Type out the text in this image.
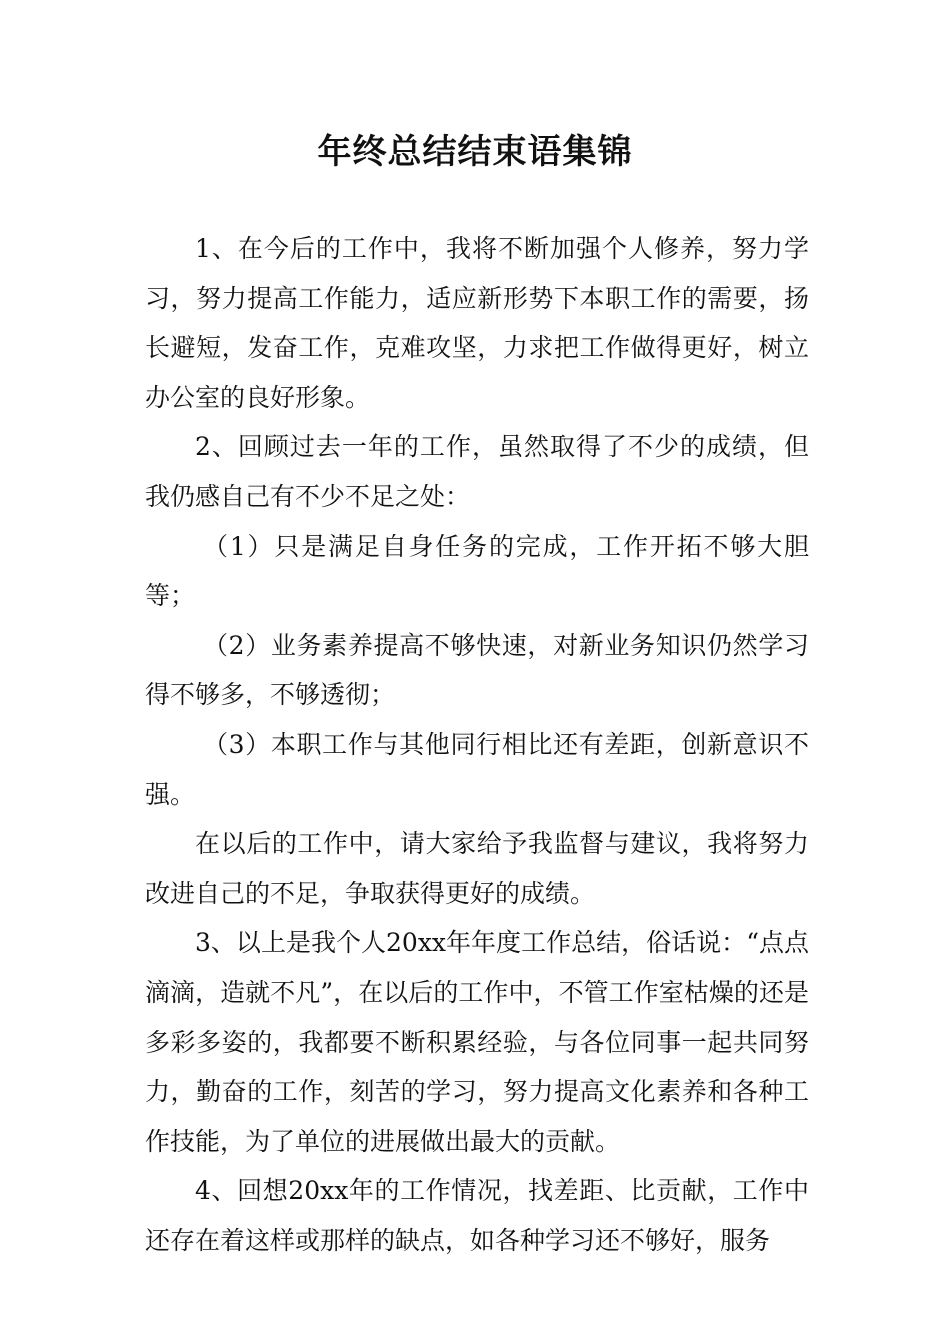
年终总结结束语集锦

1、在今后的工作中，我将不断加强个人修养，努力学习，努力提高工作能力，适应新形势下本职工作的需要，扬长避短，发奋工作，克难攻坚，力求把工作做得更好，树立办公室的良好形象。

2、回顾过去一年的工作，虽然取得了不少的成绩，但我仍感自己有不少不足之处：

（1）只是满足自身任务的完成，工作开拓不够大胆等；

（2）业务素养提高不够快速，对新业务知识仍然学习得不够多，不够透彻；

（3）本职工作与其他同行相比还有差距，创新意识不强。

在以后的工作中，请大家给予我监督与建议，我将努力改进自己的不足，争取获得更好的成绩。

3、以上是我个人20xx年年度工作总结，俗话说：“点点滴滴，造就不凡”，在以后的工作中，不管工作室枯燥的还是多彩多姿的，我都要不断积累经验，与各位同事一起共同努力，勤奋的工作，刻苦的学习，努力提高文化素养和各种工作技能，为了单位的进展做出最大的贡献。

4、回想20xx年的工作情况，找差距、比贡献，工作中还存在着这样或那样的缺点，如各种学习还不够好，服务
